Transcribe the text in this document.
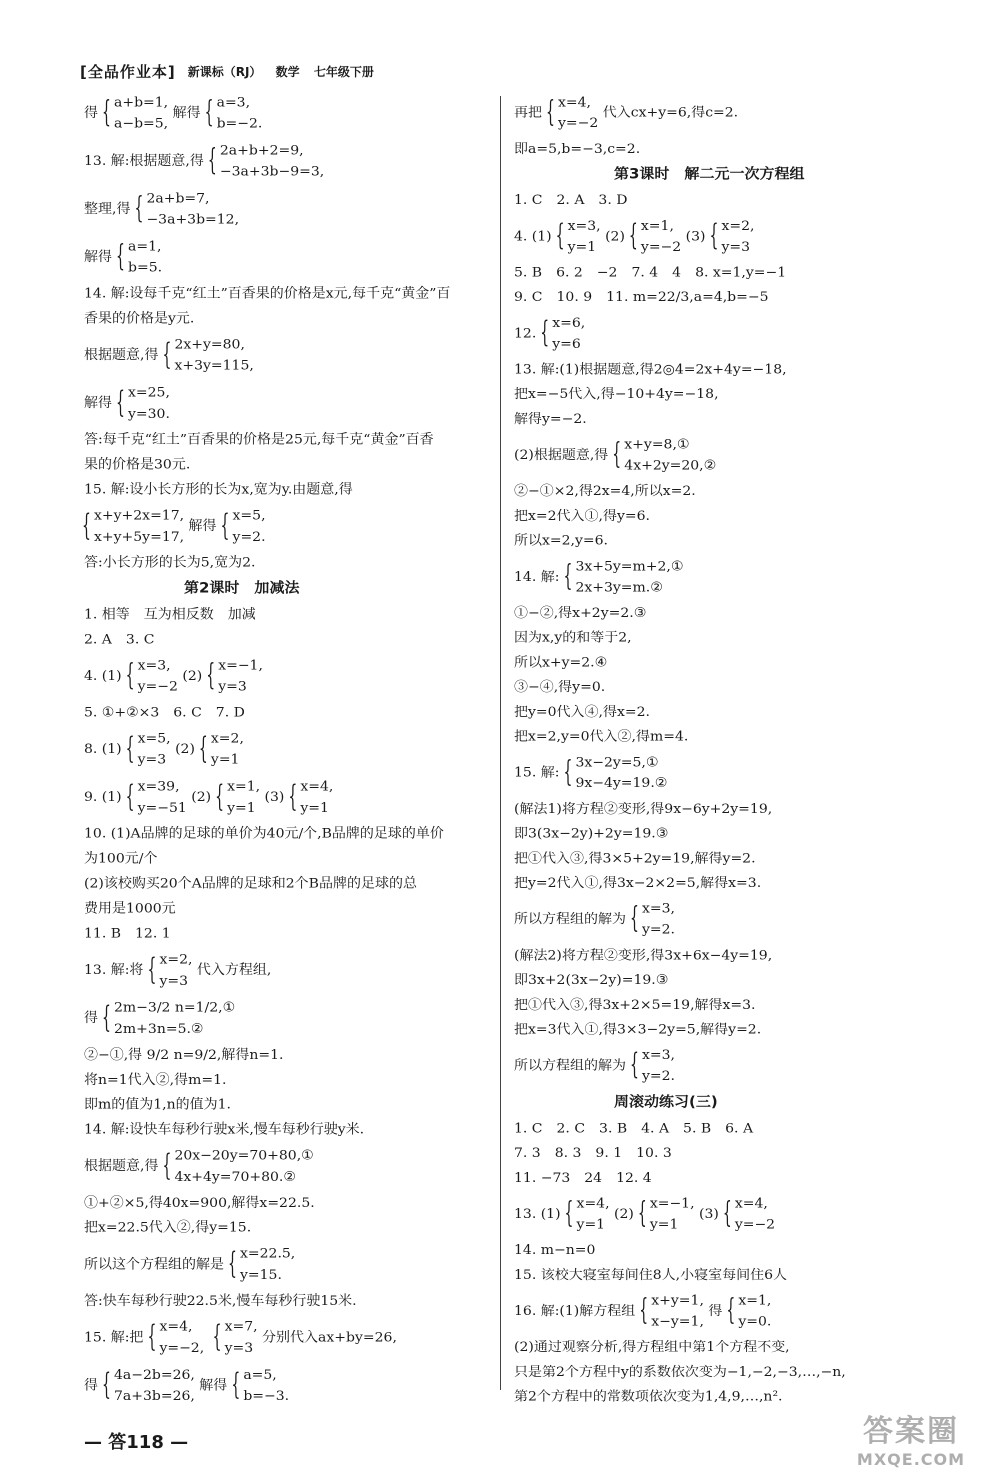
[全品作业本] 新课标（RJ） 数学 七年级下册
得
{ a+b=1,
a−b=5,
解得
{ a=3,
b=−2.
13. 解:根据题意,得
{ 2a+b+2=9,
−3a+3b−9=3,
整理,得
{ 2a+b=7,
−3a+3b=12,
解得
{ a=1,
b=5.
14. 解:设每千克“红土”百香果的价格是x元,每千克“黄金”百
香果的价格是y元.
根据题意,得
{ 2x+y=80,
x+3y=115,
解得
{ x=25,
y=30.
答:每千克“红土”百香果的价格是25元,每千克“黄金”百香
果的价格是30元.
15. 解:设小长方形的长为x,宽为y.由题意,得
{ x+y+2x=17,
x+y+5y=17,
解得
{ x=5,
y=2.
答:小长方形的长为5,宽为2.
第2课时　加减法
1. 相等　互为相反数　加减
2. A　3. C
4. (1)
{ x=3,
y=−2
(2)
{ x=−1,
y=3
5. ①+②×3　6. C　7. D
8. (1)
{ x=5,
y=3
(2)
{ x=2,
y=1
9. (1)
{ x=39,
y=−51
(2)
{ x=1,
y=1
(3)
{ x=4,
y=1
10. (1)A品牌的足球的单价为40元/个,B品牌的足球的单价
为100元/个
(2)该校购买20个A品牌的足球和2个B品牌的足球的总
费用是1000元
11. B　12. 1
13. 解:将
{ x=2,
y=3
代入方程组,
得
{ 2m−3/2 n=1/2,①
2m+3n=5.②
②−①,得 9/2 n=9/2,解得n=1.
将n=1代入②,得m=1.
即m的值为1,n的值为1.
14. 解:设快车每秒行驶x米,慢车每秒行驶y米.
根据题意,得
{ 20x−20y=70+80,①
4x+4y=70+80.②
①+②×5,得40x=900,解得x=22.5.
把x=22.5代入②,得y=15.
所以这个方程组的解是
{ x=22.5,
y=15.
答:快车每秒行驶22.5米,慢车每秒行驶15米.
15. 解:把
{ x=4,
y=−2,

{ x=7,
y=3
分别代入ax+by=26,
得
{ 4a−2b=26,
7a+3b=26,
解得
{ a=5,
b=−3.
再把
{ x=4,
y=−2
代入cx+y=6,得c=2.
即a=5,b=−3,c=2.
第3课时　解二元一次方程组
1. C　2. A　3. D
4. (1)
{ x=3,
y=1
(2)
{ x=1,
y=−2
(3)
{ x=2,
y=3
5. B　6. 2　−2　7. 4　4　8. x=1,y=−1
9. C　10. 9　11. m=22/3,a=4,b=−5
12.
{ x=6,
y=6
13. 解:(1)根据题意,得2◎4=2x+4y=−18,
把x=−5代入,得−10+4y=−18,
解得y=−2.
(2)根据题意,得
{ x+y=8,①
4x+2y=20,②
②−①×2,得2x=4,所以x=2.
把x=2代入①,得y=6.
所以x=2,y=6.
14. 解:
{ 3x+5y=m+2,①
2x+3y=m.②
①−②,得x+2y=2.③
因为x,y的和等于2,
所以x+y=2.④
③−④,得y=0.
把y=0代入④,得x=2.
把x=2,y=0代入②,得m=4.
15. 解:
{ 3x−2y=5,①
9x−4y=19.②
(解法1)将方程②变形,得9x−6y+2y=19,
即3(3x−2y)+2y=19.③
把①代入③,得3×5+2y=19,解得y=2.
把y=2代入①,得3x−2×2=5,解得x=3.
所以方程组的解为
{ x=3,
y=2.
(解法2)将方程②变形,得3x+6x−4y=19,
即3x+2(3x−2y)=19.③
把①代入③,得3x+2×5=19,解得x=3.
把x=3代入①,得3×3−2y=5,解得y=2.
所以方程组的解为
{ x=3,
y=2.
周滚动练习(三)
1. C　2. C　3. B　4. A　5. B　6. A
7. 3　8. 3　9. 1　10. 3
11. −73　24　12. 4
13. (1)
{ x=4,
y=1
(2)
{ x=−1,
y=1
(3)
{ x=4,
y=−2
14. m−n=0
15. 该校大寝室每间住8人,小寝室每间住6人
16. 解:(1)解方程组
{ x+y=1,
x−y=1,
得
{ x=1,
y=0.
(2)通过观察分析,得方程组中第1个方程不变,
只是第2个方程中y的系数依次变为−1,−2,−3,…,−n,
第2个方程中的常数项依次变为1,4,9,…,n².
— 答118 —	答案圈
MXQE.COM
